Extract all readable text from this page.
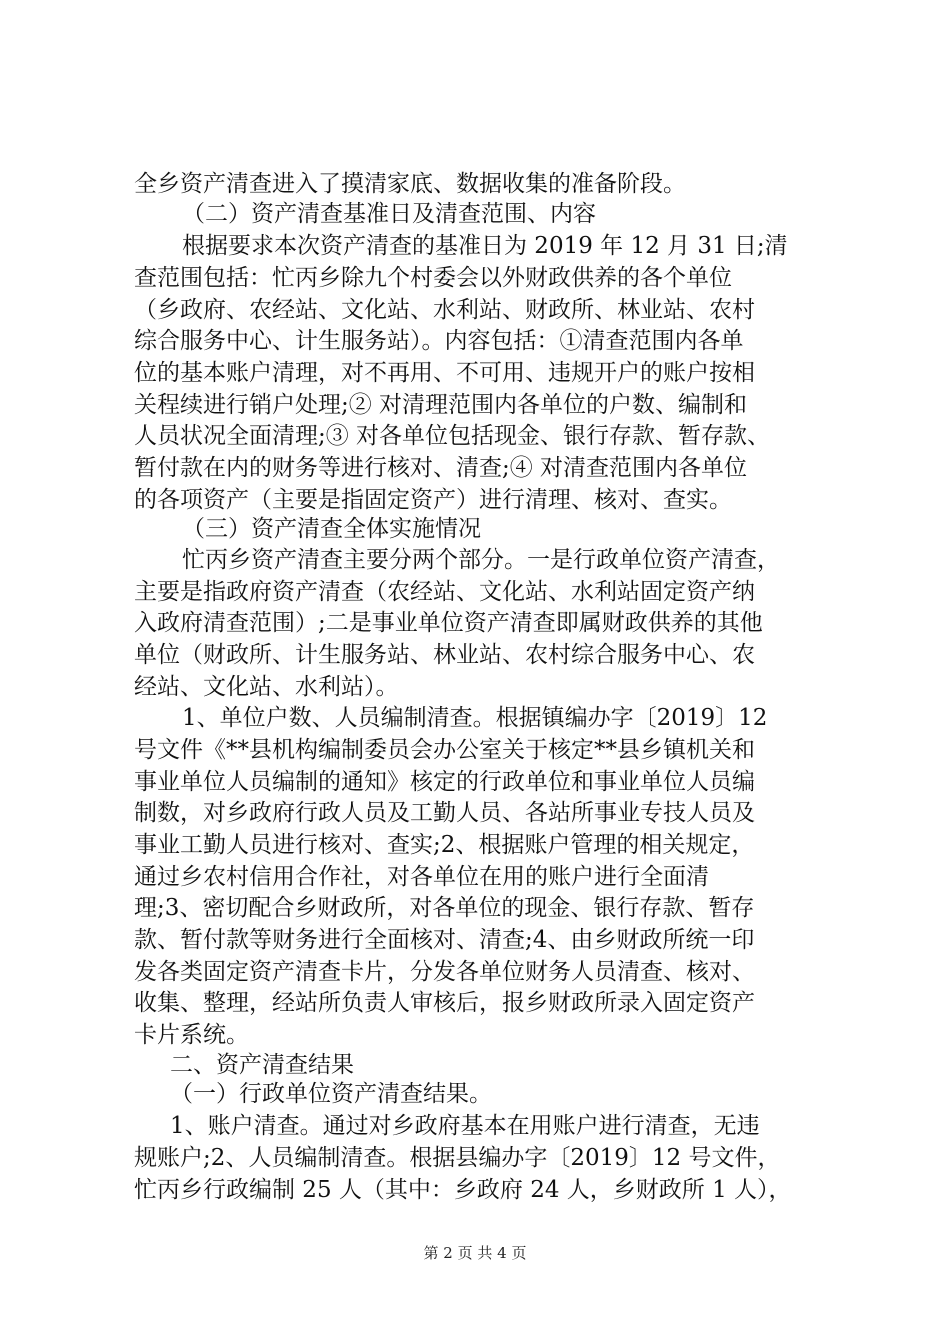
全乡资产清查进入了摸清家底、数据收集的准备阶段。
（二）资产清查基准日及清查范围、内容
根据要求本次资产清查的基准日为 2019 年 12 月 31 日;清
查范围包括：忙丙乡除九个村委会以外财政供养的各个单位
（乡政府、农经站、文化站、水利站、财政所、林业站、农村
综合服务中心、计生服务站）。内容包括：①清查范围内各单
位的基本账户清理，对不再用、不可用、违规开户的账户按相
关程续进行销户处理;② 对清理范围内各单位的户数、编制和
人员状况全面清理;③ 对各单位包括现金、银行存款、暂存款、
暂付款在内的财务等进行核对、清查;④ 对清查范围内各单位
的各项资产（主要是指固定资产）进行清理、核对、查实。
（三）资产清查全体实施情况
忙丙乡资产清查主要分两个部分。一是行政单位资产清查，
主要是指政府资产清查（农经站、文化站、水利站固定资产纳
入政府清查范围）;二是事业单位资产清查即属财政供养的其他
单位（财政所、计生服务站、林业站、农村综合服务中心、农
经站、文化站、水利站）。
1、单位户数、人员编制清查。根据镇编办字〔2019〕12
号文件《**县机构编制委员会办公室关于核定**县乡镇机关和
事业单位人员编制的通知》核定的行政单位和事业单位人员编
制数，对乡政府行政人员及工勤人员、各站所事业专技人员及
事业工勤人员进行核对、查实;2、根据账户管理的相关规定，
通过乡农村信用合作社，对各单位在用的账户进行全面清
理;3、密切配合乡财政所，对各单位的现金、银行存款、暂存
款、暂付款等财务进行全面核对、清查;4、由乡财政所统一印
发各类固定资产清查卡片，分发各单位财务人员清查、核对、
收集、整理，经站所负责人审核后，报乡财政所录入固定资产
卡片系统。
二、资产清查结果
（一）行政单位资产清查结果。
1、账户清查。通过对乡政府基本在用账户进行清查，无违
规账户;2、人员编制清查。根据县编办字〔2019〕12 号文件，
忙丙乡行政编制 25 人（其中：乡政府 24 人，乡财政所 1 人），
第 2 页 共 4 页
